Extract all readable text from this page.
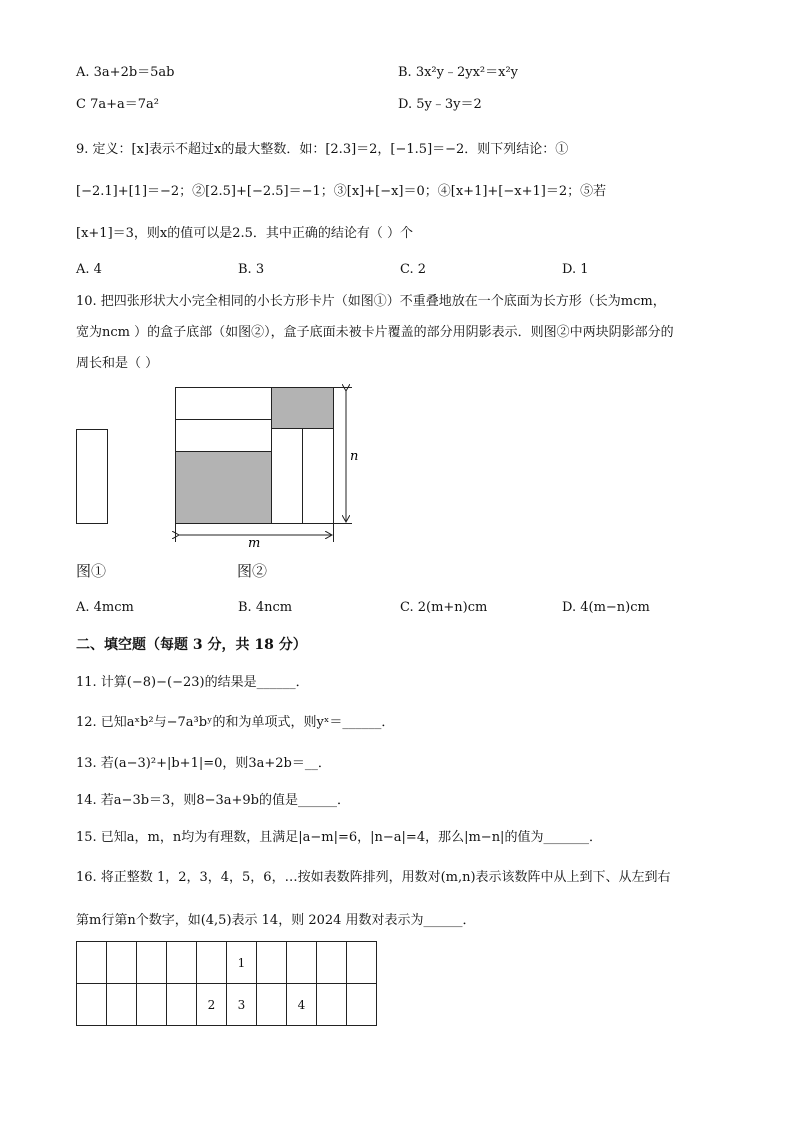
A. 3a+2b＝5ab	B. 3x²y﹣2yx²＝x²y
C 7a+a＝7a²	D. 5y﹣3y＝2
9. 定义：[x]表示不超过x的最大整数．如：[2.3]＝2，[−1.5]＝−2．则下列结论：①
[−2.1]+[1]＝−2；②[2.5]+[−2.5]＝−1；③[x]+[−x]＝0；④[x+1]+[−x+1]＝2；⑤若
[x+1]＝3，则x的值可以是2.5．其中正确的结论有（ ）个
A. 4	B. 3	C. 2	D. 1
10. 把四张形状大小完全相同的小长方形卡片（如图①）不重叠地放在一个底面为长方形（长为mcm，
宽为ncm ）的盒子底部（如图②），盒子底面未被卡片覆盖的部分用阴影表示．则图②中两块阴影部分的
周长和是（ ）
n
m
图①	图②
A. 4mcm	B. 4ncm	C. 2(m+n)cm	D. 4(m−n)cm
二、填空题（每题 3 分，共 18 分）
11. 计算(−8)−(−23)的结果是______．
12. 已知aˣb²与−7a³bʸ的和为单项式，则yˣ＝______．
13. 若(a−3)²+|b+1|=0，则3a+2b＝__．
14. 若a−3b＝3，则8−3a+9b的值是______．
15. 已知a，m，n均为有理数，且满足|a−m|=6，|n−a|=4，那么|m−n|的值为_______．
16. 将正整数 1，2，3，4，5，6，…按如表数阵排列，用数对(m,n)表示该数阵中从上到下、从左到右
第m行第n个数字，如(4,5)表示 14，则 2024 用数对表示为______．
					1				
				2	3		4		
